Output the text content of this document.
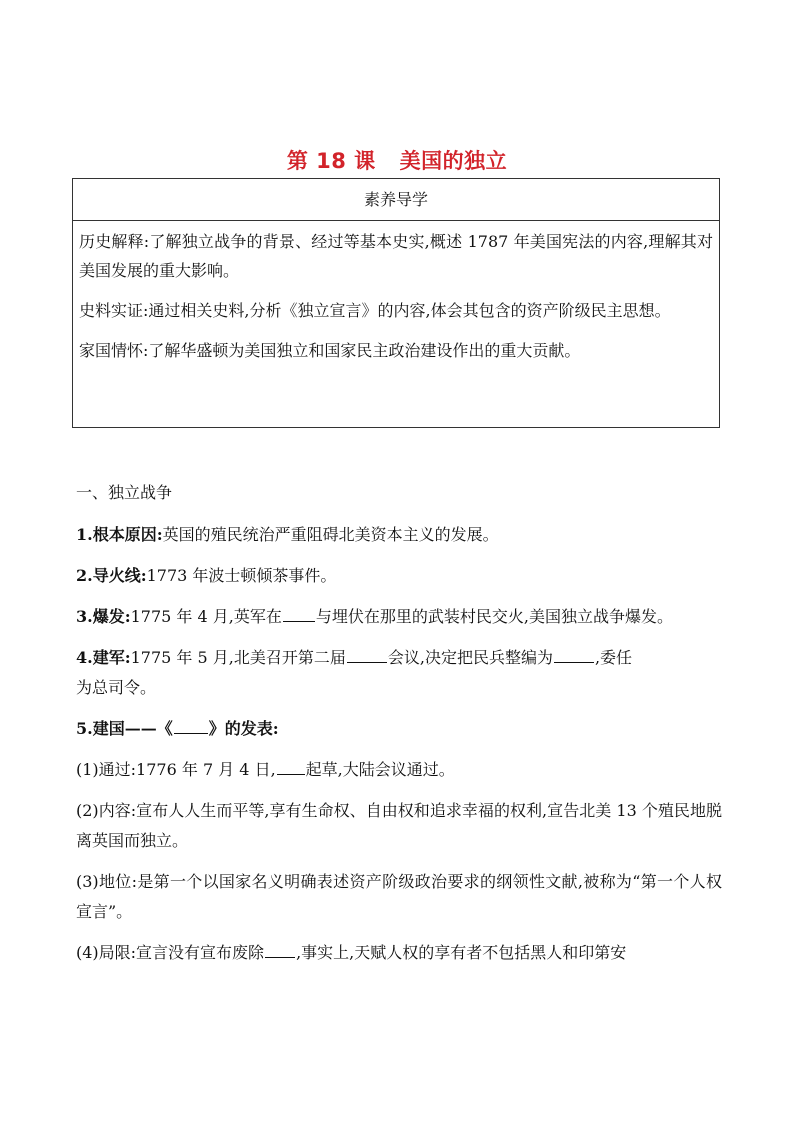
第 18 课 美国的独立
素养导学

历史解释:了解独立战争的背景、经过等基本史实,概述 1787 年美国宪法的内容,理解其对美国发展的重大影响。

史料实证:通过相关史料,分析《独立宣言》的内容,体会其包含的资产阶级民主思想。

家国情怀:了解华盛顿为美国独立和国家民主政治建设作出的重大贡献。

一、独立战争

1.根本原因:英国的殖民统治严重阻碍北美资本主义的发展。

2.导火线:1773 年波士顿倾茶事件。

3.爆发:1775 年 4 月,英军在 与埋伏在那里的武装村民交火,美国独立战争爆发。

4.建军:1775 年 5 月,北美召开第二届	会议,决定把民兵整编为	,委任
为总司令。

5.建国——《 》的发表:

(1)通过:1776 年 7 月 4 日, 起草,大陆会议通过。

(2)内容:宣布人人生而平等,享有生命权、自由权和追求幸福的权利,宣告北美 13 个殖民地脱离英国而独立。

(3)地位:是第一个以国家名义明确表述资产阶级政治要求的纲领性文献,被称为“第一个人权宣言”。

(4)局限:宣言没有宣布废除 ,事实上,天赋人权的享有者不包括黑人和印第安
